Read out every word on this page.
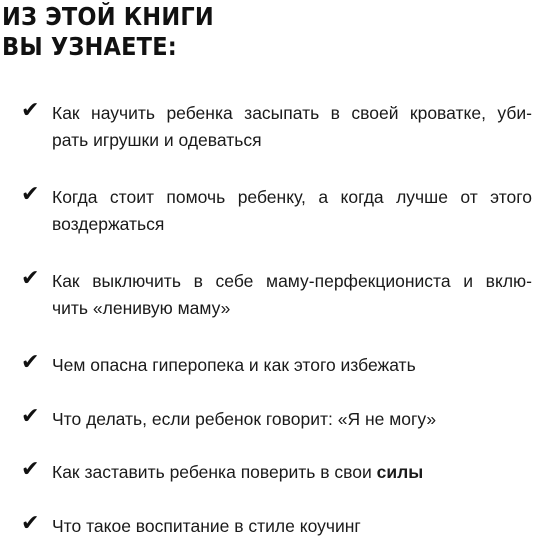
ИЗ ЭТОЙ КНИГИ
ВЫ УЗНАЕТЕ:
✔ Как научить ребенка засыпать в своей кроватке, уби-
рать игрушки и одеваться
✔ Когда стоит помочь ребенку, а когда лучше от этого
воздержаться
✔ Как выключить в себе маму-перфекциониста и вклю-
чить «ленивую маму»
✔ Чем опасна гиперопека и как этого избежать
✔ Что делать, если ребенок говорит: «Я не могу»
✔ Как заставить ребенка поверить в свои силы
✔ Что такое воспитание в стиле коучинг
